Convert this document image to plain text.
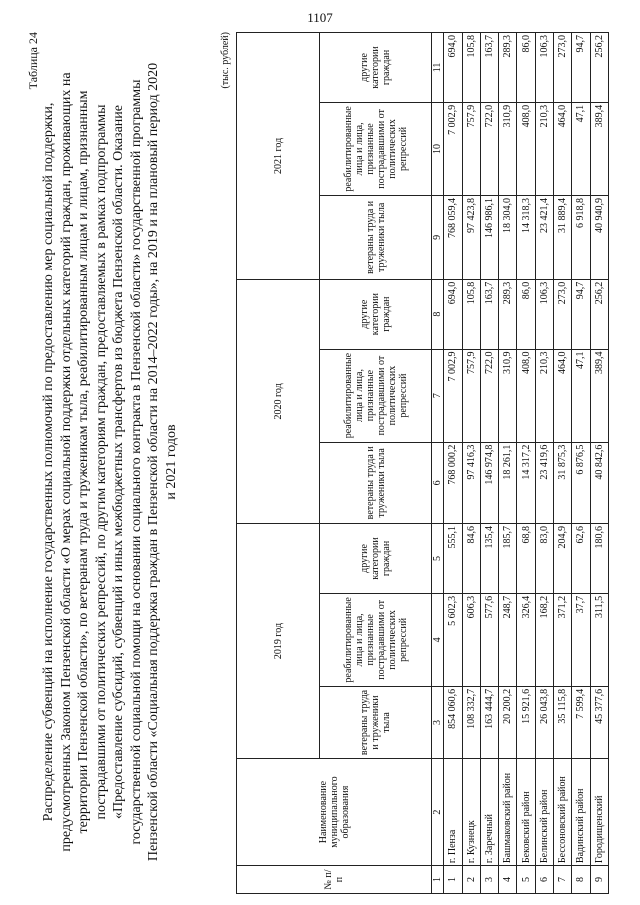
1107
Таблица 24
Распределение субвенций на исполнение государственных полномочий по предоставлению мер социальной поддержки, предусмотренных Законом Пензенской области «О мерах социальной поддержки отдельных категорий граждан, проживающих на территории Пензенской области», по ветеранам труда и труженикам тыла, реабилитированным лицам и лицам, признанным пострадавшими от политических репрессий, по другим категориям граждан, предоставляемых в рамках подпрограммы «Предоставление субсидий, субвенций и иных межбюджетных трансфертов из бюджета Пензенской области. Оказание государственной социальной помощи на основании социального контракта в Пензенской области» государственной программы Пензенской области «Социальная поддержка граждан в Пензенской области на 2014–2022 годы», на 2019 и на плановый период 2020 и 2021 годов
(тыс. рублей)
№ п/п	Наименование муниципального образования	2019 год			2020 год			2021 год		
		ветераны труда и труженики тыла	реабилитированные лица и лица, признанные пострадавшими от политических репрессий	другие категории граждан	ветераны труда и труженики тыла	реабилитированные лица и лица, признанные пострадавшими от политических репрессий	другие категории граждан	ветераны труда и труженики тыла	реабилитированные лица и лица, признанные пострадавшими от политических репрессий	другие категории граждан
1	2	3	4	5	6	7	8	9	10	11
1	г. Пенза	854 060,6	5 602,3	555,1	768 000,2	7 002,9	694,0	768 059,4	7 002,9	694,0
2	г. Кузнецк	108 332,7	606,3	84,6	97 416,3	757,9	105,8	97 423,8	757,9	105,8
3	г. Заречный	163 444,7	577,6	135,4	146 974,8	722,0	163,7	146 986,1	722,0	163,7
4	Башмаковский район	20 200,2	248,7	185,7	18 261,1	310,9	289,3	18 304,0	310,9	289,3
5	Бековский район	15 921,6	326,4	68,8	14 317,2	408,0	86,0	14 318,3	408,0	86,0
6	Белинский район	26 043,8	168,2	83,0	23 419,6	210,3	106,3	23 421,4	210,3	106,3
7	Бессоновский район	35 115,8	371,2	204,9	31 875,3	464,0	273,0	31 889,4	464,0	273,0
8	Вадинский район	7 599,4	37,7	62,6	6 876,5	47,1	94,7	6 918,8	47,1	94,7
9	Городищенский	45 377,6	311,5	180,6	40 842,6	389,4	256,2	40 940,9	389,4	256,2
